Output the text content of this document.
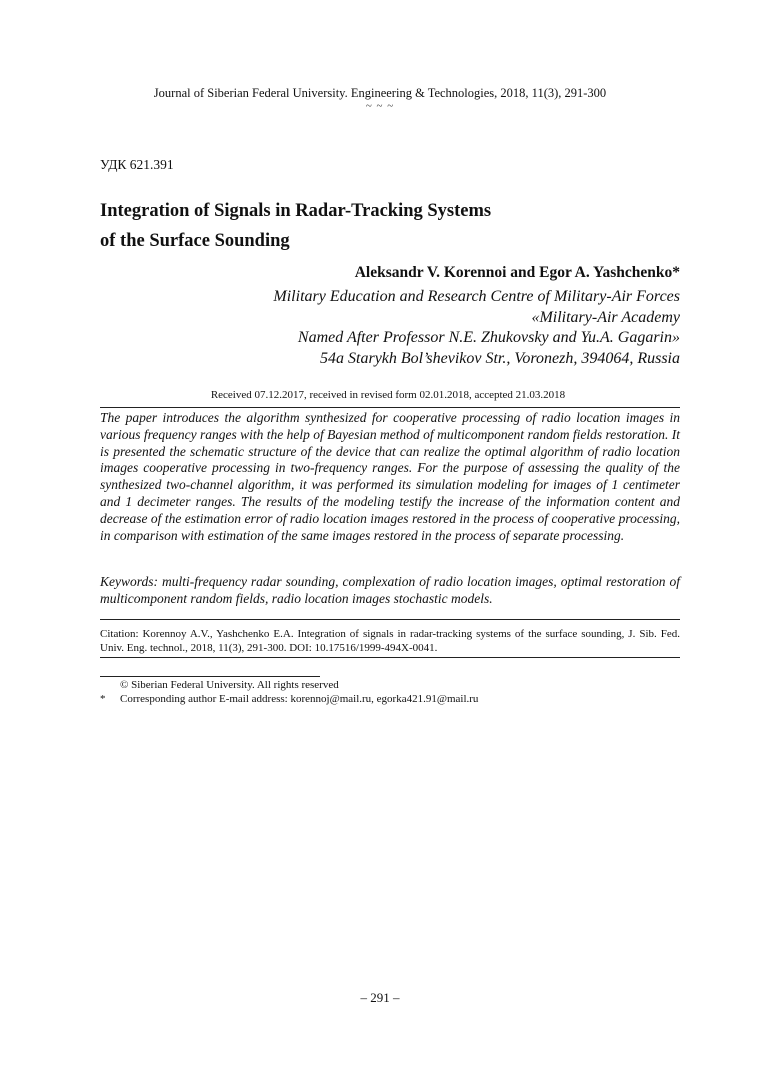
Journal of Siberian Federal University. Engineering & Technologies, 2018, 11(3), 291-300
~ ~ ~
УДК 621.391
Integration of Signals in Radar-Tracking Systems
of the Surface Sounding
Aleksandr V. Korennoi and Egor A. Yashchenko*
Military Education and Research Centre of Military-Air Forces
«Military-Air Academy
Named After Professor N.E. Zhukovsky and Yu.A. Gagarin»
54a Starykh Bol’shevikov Str., Voronezh, 394064, Russia
Received 07.12.2017, received in revised form 02.01.2018, accepted 21.03.2018
The paper introduces the algorithm synthesized for cooperative processing of radio location images in various frequency ranges with the help of Bayesian method of multicomponent random fields restoration. It is presented the schematic structure of the device that can realize the optimal algorithm of radio location images cooperative processing in two-frequency ranges. For the purpose of assessing the quality of the synthesized two-channel algorithm, it was performed its simulation modeling for images of 1 centimeter and 1 decimeter ranges. The results of the modeling testify the increase of the information content and decrease of the estimation error of radio location images restored in the process of cooperative processing, in comparison with estimation of the same images restored in the process of separate processing.
Keywords: multi-frequency radar sounding, complexation of radio location images, optimal restoration of multicomponent random fields, radio location images stochastic models.
Citation: Korennoy A.V., Yashchenko E.A. Integration of signals in radar-tracking systems of the surface sounding, J. Sib. Fed. Univ. Eng. technol., 2018, 11(3), 291-300. DOI: 10.17516/1999-494X-0041.
© Siberian Federal University. All rights reserved
* Corresponding author E-mail address: korennoj@mail.ru, egorka421.91@mail.ru
– 291 –
